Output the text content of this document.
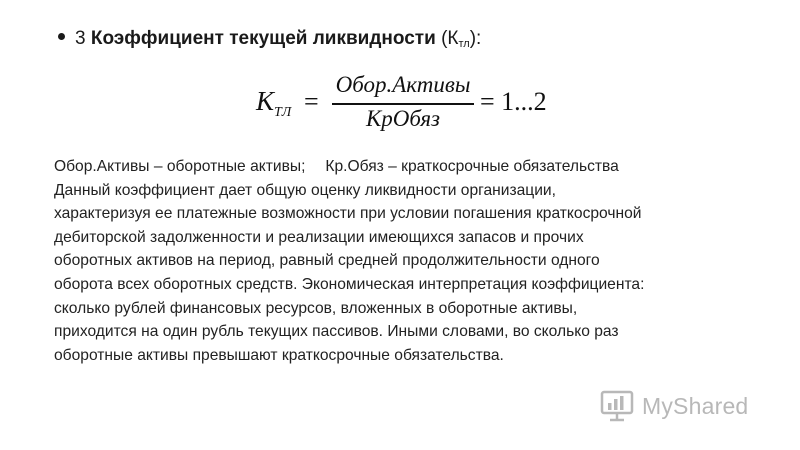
3 Коэффициент текущей ликвидности $(К_{тл})$:
$K_{ТЛ}$ =
Обор.Активы
КрОбяз
= 1...2
Обор.Активы – оборотные активы; Кр.Обяз – краткосрочные обязательства
Данный коэффициент дает общую оценку ликвидности организации,
характеризуя ее платежные возможности при условии погашения краткосрочной
дебиторской задолженности и реализации имеющихся запасов и прочих
оборотных активов на период, равный средней продолжительности одного
оборота всех оборотных средств. Экономическая интерпретация коэффициента:
сколько рублей финансовых ресурсов, вложенных в оборотные активы,
приходится на один рубль текущих пассивов. Иными словами, во сколько раз
оборотные активы превышают краткосрочные обязательства.
MyShared
